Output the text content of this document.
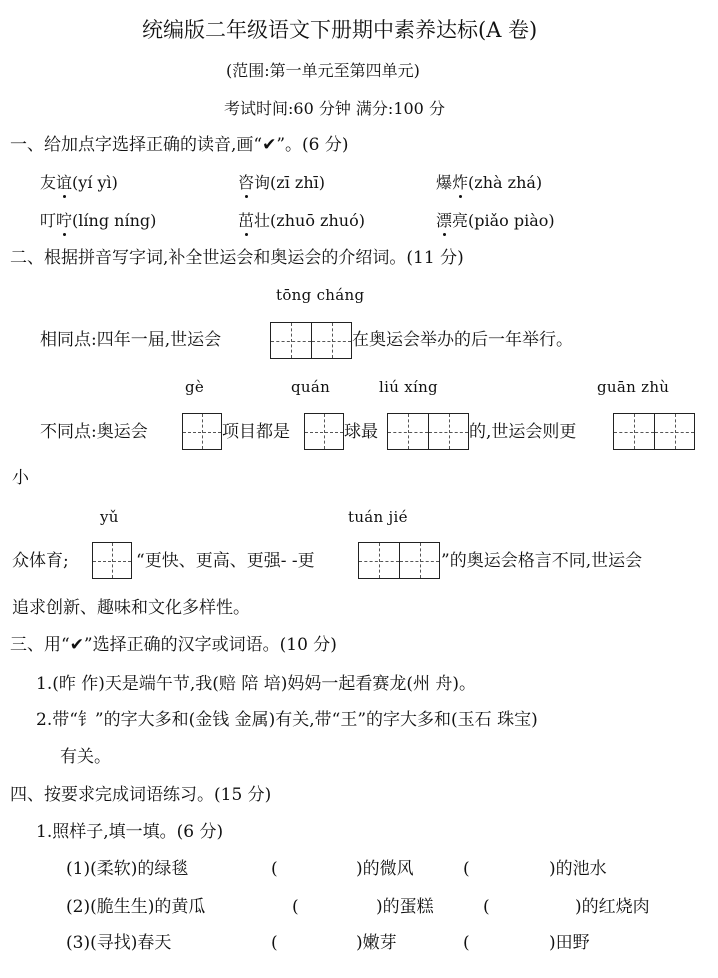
统编版二年级语文下册期中素养达标(A 卷)
(范围:第一单元至第四单元)
考试时间:60 分钟 满分:100 分
一、给加点字选择正确的读音,画“✔”。(6 分)
友谊(yí yì)	咨询(zī zhī)	爆炸(zhà zhá)
叮咛(líng níng)	茁壮(zhuō zhuó)	漂亮(piǎo piào)
二、根据拼音写字词,补全世运会和奥运会的介绍词。(11 分)
tōng cháng
相同点:四年一届,世运会	在奥运会举办的后一年举行。
gè	quán	liú xíng	guān zhù
不同点:奥运会	项目都是	球最	的,世运会则更
小
yǔ	tuán jié
众体育;	“更快、更高、更强- -更	”的奥运会格言不同,世运会
追求创新、趣味和文化多样性。
三、用“✔”选择正确的汉字或词语。(10 分)
1.(昨 作)天是端午节,我(赔 陪 培)妈妈一起看赛龙(州 舟)。
2.带“钅”的字大多和(金钱 金属)有关,带“王”的字大多和(玉石 珠宝)
有关。
四、按要求完成词语练习。(15 分)
1.照样子,填一填。(6 分)
(1)(柔软)的绿毯	(	)的微风	(	)的池水
(2)(脆生生)的黄瓜	(	)的蛋糕	(	)的红烧肉
(3)(寻找)春天	(	)嫩芽	(	)田野
